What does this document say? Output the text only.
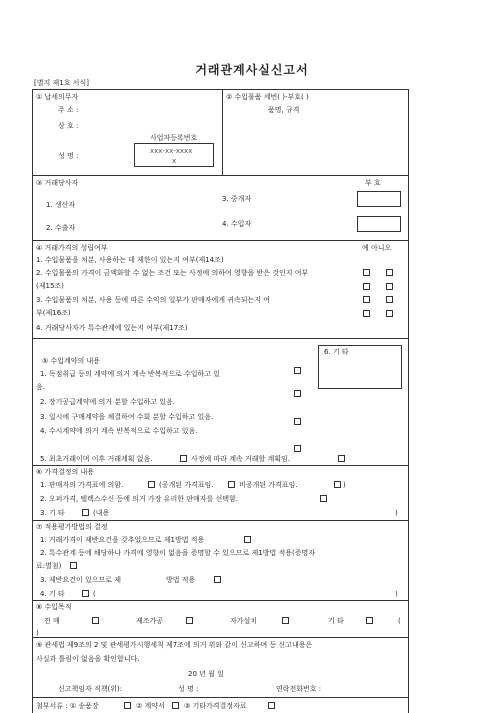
거래관계사실신고서
[별지 제1호 서식]
① 납세의무자
주 소 :
상 호 :
사업자등록번호
xxx-xx-xxxx
x
성 명 :
② 수입물품 세번( )-부호( )
품명, 규격
③ 거래당사자	부 호
1. 생산자
2. 수출자
3. 중개자
4. 수입자
④ 거래가격의 성립여부	예 아니오
1. 수입물품을 처분, 사용하는 데 제한이 있는지 여부(제14조)
2. 수입물품의 가격이 금액화할 수 없는 조건 또는 사정에 의하여 영향을 받은 것인지 여부
(제15조)
3. 수입물품의 처분, 사용 등에 따른 수익의 일부가 판매자에게 귀속되는지 여
부(제16조)
4. 거래당사자가 특수관계에 있는지 여부(제17조)
⑤ 수입계약의 내용
1. 독점취급 등의 계약에 의거 계속 반복적으로 수입하고 있
음.
2. 장기공급계약에 의거 분할 수입하고 있음.
3. 일시에 구매계약을 체결하여 수회 분할 수입하고 있음.
4. 수시계약에 의거 계속 반복적으로 수입하고 있음.
6. 기 타
5. 최초거래이며 이후 거래계획 없음.	사정에 따라 계속 거래할 계획임.
⑥ 가격결정의 내용
1. 판매자의 가격표에 의함.	(공개된 가격표임.	비공개된 가격표임.	)
2. 오퍼가격, 텔렉스수신 등에 의거 가장 유리한 판매자를 선택함.
3. 기 타	(내용	)
⑦ 적용평가방법의 결정
1. 거래가격이 제반요건을 갖추었으므로 제1방법 적용
2. 특수관계 등에 해당하나 가격에 영향이 없음을 증명할 수 있으므로 제1방법 적용(증명자
료:별첨)
3. 제반요건이 있으므로 제	방법 적용
4. 기 타	(	)
⑧ 수입목적
전 매	제조가공	자가설치	기 타	(
)
⑨ 관세법 제9조의 2 및 관세평가시행세칙 제7조에 의거 위와 같이 신고하며 등 신고내용은
사실과 틀림이 없음을 확인합니다.
20 년 월 일
신고책임자 직책(위):	성 명 :	연락전화번호 :
첨부서류 : ① 송품장	② 계약서	③ 기타가격결정자료
